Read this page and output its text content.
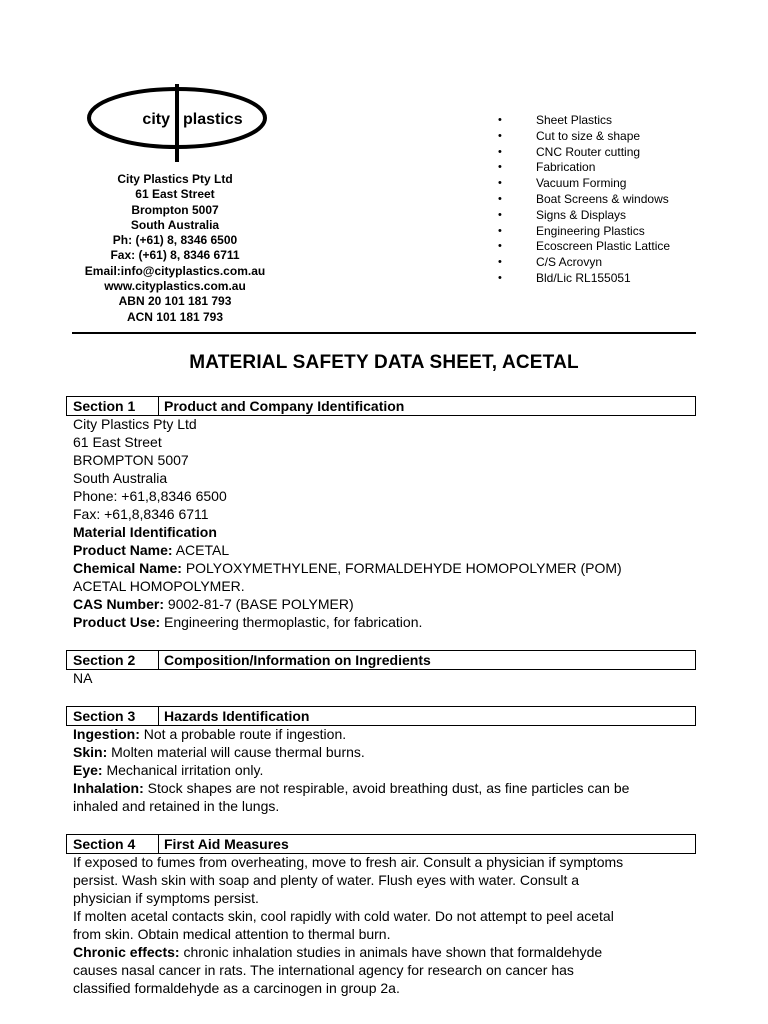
city plastics
City Plastics Pty Ltd
61 East Street
Brompton 5007
South Australia
Ph: (+61) 8, 8346 6500
Fax: (+61) 8, 8346 6711
Email:info@cityplastics.com.au
www.cityplastics.com.au
ABN 20 101 181 793
ACN 101 181 793
•	Sheet Plastics
•	Cut to size & shape
•	CNC Router cutting
•	Fabrication
•	Vacuum Forming
•	Boat Screens & windows
•	Signs & Displays
•	Engineering Plastics
•	Ecoscreen Plastic Lattice
•	C/S Acrovyn
•	Bld/Lic RL155051
MATERIAL SAFETY DATA SHEET, ACETAL
Section 1 Product and Company Identification
City Plastics Pty Ltd
61 East Street
BROMPTON 5007
South Australia
Phone: +61,8,8346 6500
Fax: +61,8,8346 6711
Material Identification
Product Name: ACETAL
Chemical Name: POLYOXYMETHYLENE, FORMALDEHYDE HOMOPOLYMER (POM)
ACETAL HOMOPOLYMER.
CAS Number: 9002-81-7 (BASE POLYMER)
Product Use: Engineering thermoplastic, for fabrication.
Section 2 Composition/Information on Ingredients
NA
Section 3 Hazards Identification
Ingestion: Not a probable route if ingestion.
Skin: Molten material will cause thermal burns.
Eye: Mechanical irritation only.
Inhalation: Stock shapes are not respirable, avoid breathing dust, as fine particles can be
inhaled and retained in the lungs.
Section 4 First Aid Measures
If exposed to fumes from overheating, move to fresh air. Consult a physician if symptoms
persist. Wash skin with soap and plenty of water. Flush eyes with water. Consult a
physician if symptoms persist.
If molten acetal contacts skin, cool rapidly with cold water. Do not attempt to peel acetal
from skin. Obtain medical attention to thermal burn.
Chronic effects: chronic inhalation studies in animals have shown that formaldehyde
causes nasal cancer in rats. The international agency for research on cancer has
classified formaldehyde as a carcinogen in group 2a.
